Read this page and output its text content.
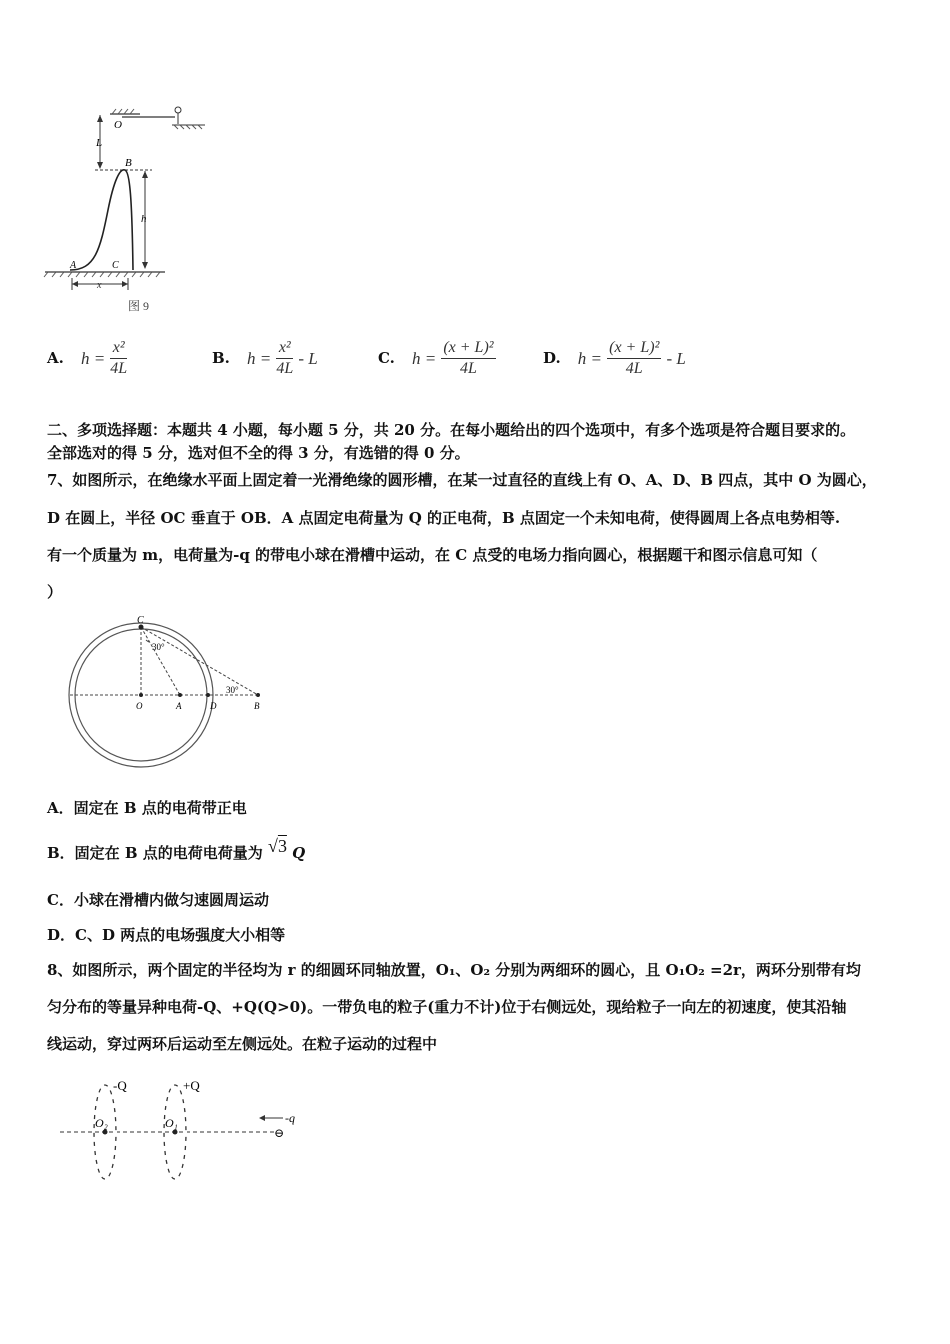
O
L
B
h
A	C
x
图 9
A. $h = \frac{\text{x²}}{4L}$	B. $h = \frac{\text{x²}}{4L} - L$	C. $h = \frac{\text{(x + L)²}}{4L}$	D. $h = \frac{\text{(x + L)²}}{4L} - L$
二、多项选择题：本题共 4 小题，每小题 5 分，共 20 分。在每小题给出的四个选项中，有多个选项是符合题目要求的。
全部选对的得 5 分，选对但不全的得 3 分，有选错的得 0 分。
7、如图所示，在绝缘水平面上固定着一光滑绝缘的圆形槽，在某一过直径的直线上有 O、A、D、B 四点，其中 O 为圆心，
D 在圆上，半径 OC 垂直于 OB．A 点固定电荷量为 Q 的正电荷，B 点固定一个未知电荷，使得圆周上各点电势相等.
有一个质量为 m，电荷量为-q 的带电小球在滑槽中运动，在 C 点受的电场力指向圆心，根据题干和图示信息可知（
）
C
30°
30°
O	A	D	B
A．固定在 B 点的电荷带正电
B．固定在 B 点的电荷电荷量为 √3 Q
C．小球在滑槽内做匀速圆周运动
D．C、D 两点的电场强度大小相等
8、如图所示，两个固定的半径均为 r 的细圆环同轴放置，O₁、O₂ 分别为两细环的圆心，且 O₁O₂ =2r，两环分别带有均
匀分布的等量异种电荷-Q、+Q(Q>0)。一带负电的粒子(重力不计)位于右侧远处，现给粒子一向左的初速度，使其沿轴
线运动，穿过两环后运动至左侧远处。在粒子运动的过程中
-Q	+Q
O₂	O₁	-q
⊖
